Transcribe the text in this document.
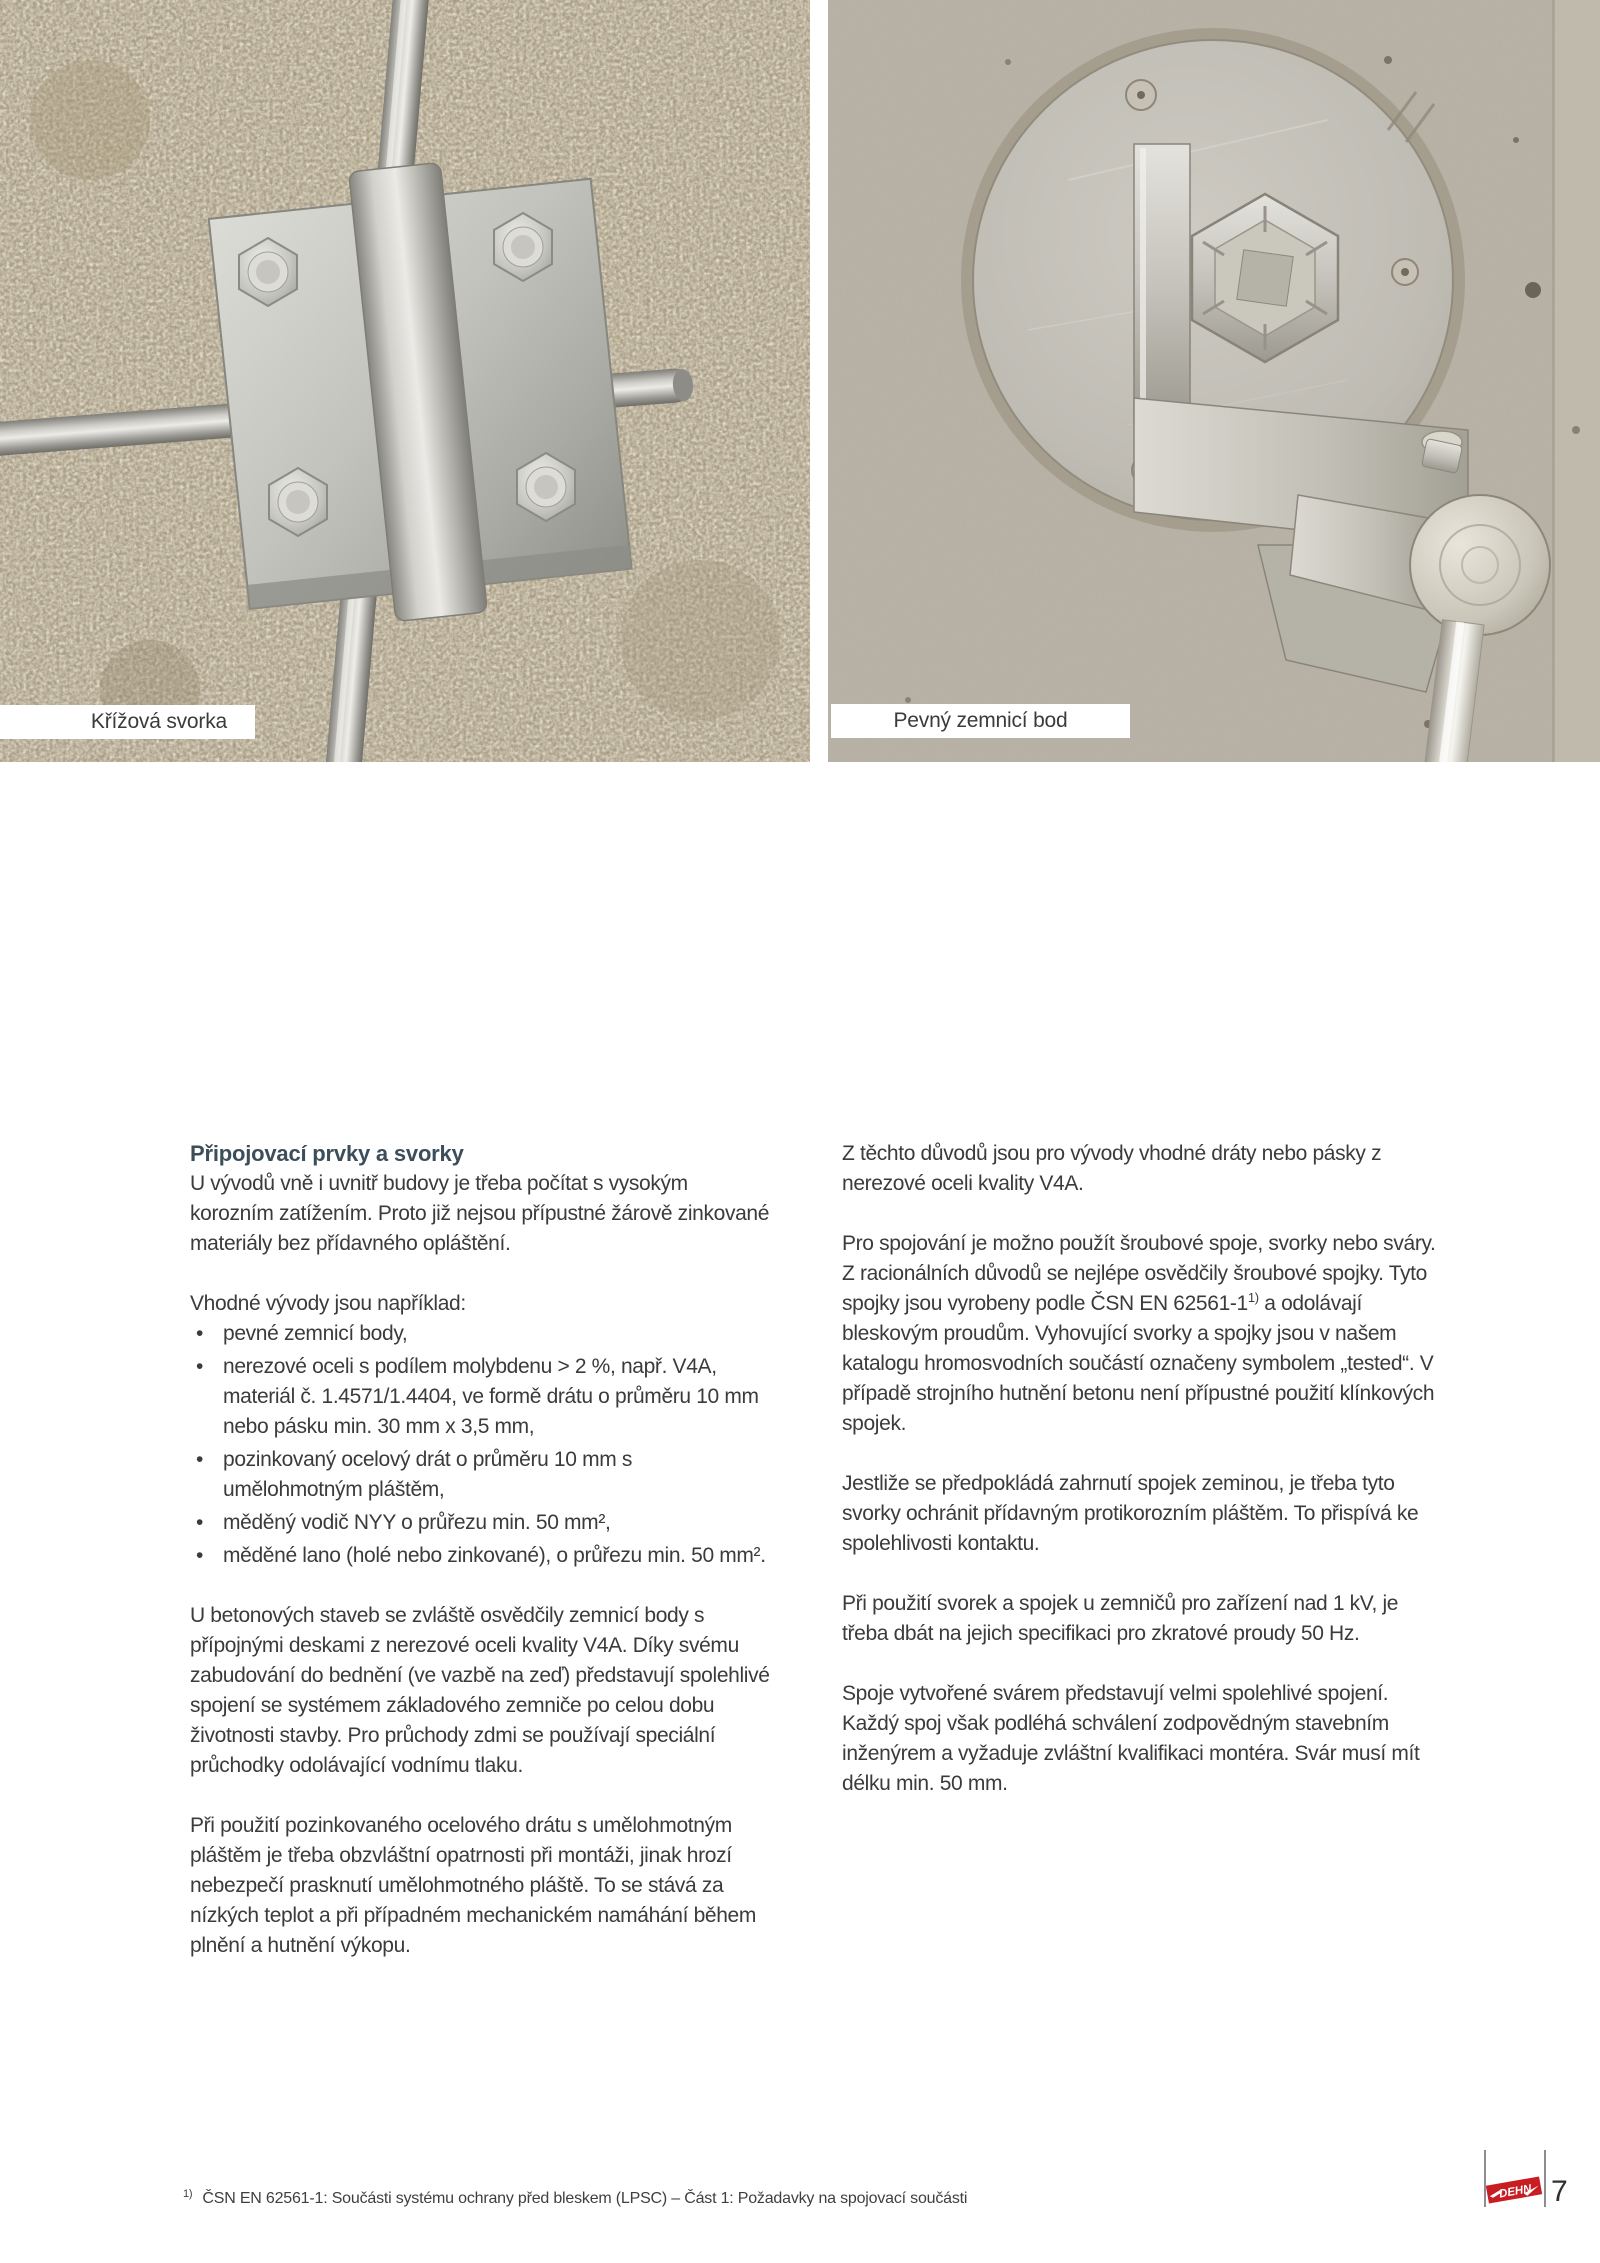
Křížová svorka	Pevný zemnicí bod
Připojovací prvky a svorky

U vývodů vně i uvnitř budovy je třeba počítat s vysokým korozním zatížením. Proto již nejsou přípustné žárově zinkované materiály bez přídavného opláštění.

Vhodné vývody jsou například:

• pevné zemnicí body,
• nerezové oceli s podílem molybdenu > 2 %, např. V4A, materiál č. 1.4571/1.4404, ve formě drátu o průměru 10 mm nebo pásku min. 30 mm x 3,5 mm,
• pozinkovaný ocelový drát o průměru 10 mm s umělohmotným pláštěm,
• měděný vodič NYY o průřezu min. 50 mm²,
• měděné lano (holé nebo zinkované), o průřezu min. 50 mm².

U betonových staveb se zvláště osvědčily zemnicí body s přípojnými deskami z nerezové oceli kvality V4A. Díky svému zabudování do bednění (ve vazbě na zeď) představují spolehlivé spojení se systémem základového zemniče po celou dobu životnosti stavby. Pro průchody zdmi se používají speciální průchodky odolávající vodnímu tlaku.

Při použití pozinkovaného ocelového drátu s umělohmotným pláštěm je třeba obzvláštní opatrnosti při montáži, jinak hrozí nebezpečí prasknutí umělohmotného pláště. To se stává za nízkých teplot a při případném mechanickém namáhání během plnění a hutnění výkopu.

Z těchto důvodů jsou pro vývody vhodné dráty nebo pásky z nerezové oceli kvality V4A.

Pro spojování je možno použít šroubové spoje, svorky nebo sváry. Z racionálních důvodů se nejlépe osvědčily šroubové spojky. Tyto spojky jsou vyrobeny podle ČSN EN 62561-1$^{1)}$ a odolávají bleskovým proudům. Vyhovující svorky a spojky jsou v našem katalogu hromosvodních součástí označeny symbolem „tested“. V případě strojního hutnění betonu není přípustné použití klínkových spojek.

Jestliže se předpokládá zahrnutí spojek zeminou, je třeba tyto svorky ochránit přídavným protikorozním pláštěm. To přispívá ke spolehlivosti kontaktu.

Při použití svorek a spojek u zemničů pro zařízení nad 1 kV, je třeba dbát na jejich specifikaci pro zkratové proudy 50 Hz.

Spoje vytvořené svárem představují velmi spolehlivé spojení. Každý spoj však podléhá schválení zodpovědným stavebním inženýrem a vyžaduje zvláštní kvalifikaci montéra. Svár musí mít délku min. 50 mm.

$^{1)}$ ČSN EN 62561-1: Součásti systému ochrany před bleskem (LPSC) – Část 1: Požadavky na spojovací součásti	DEHN 7
